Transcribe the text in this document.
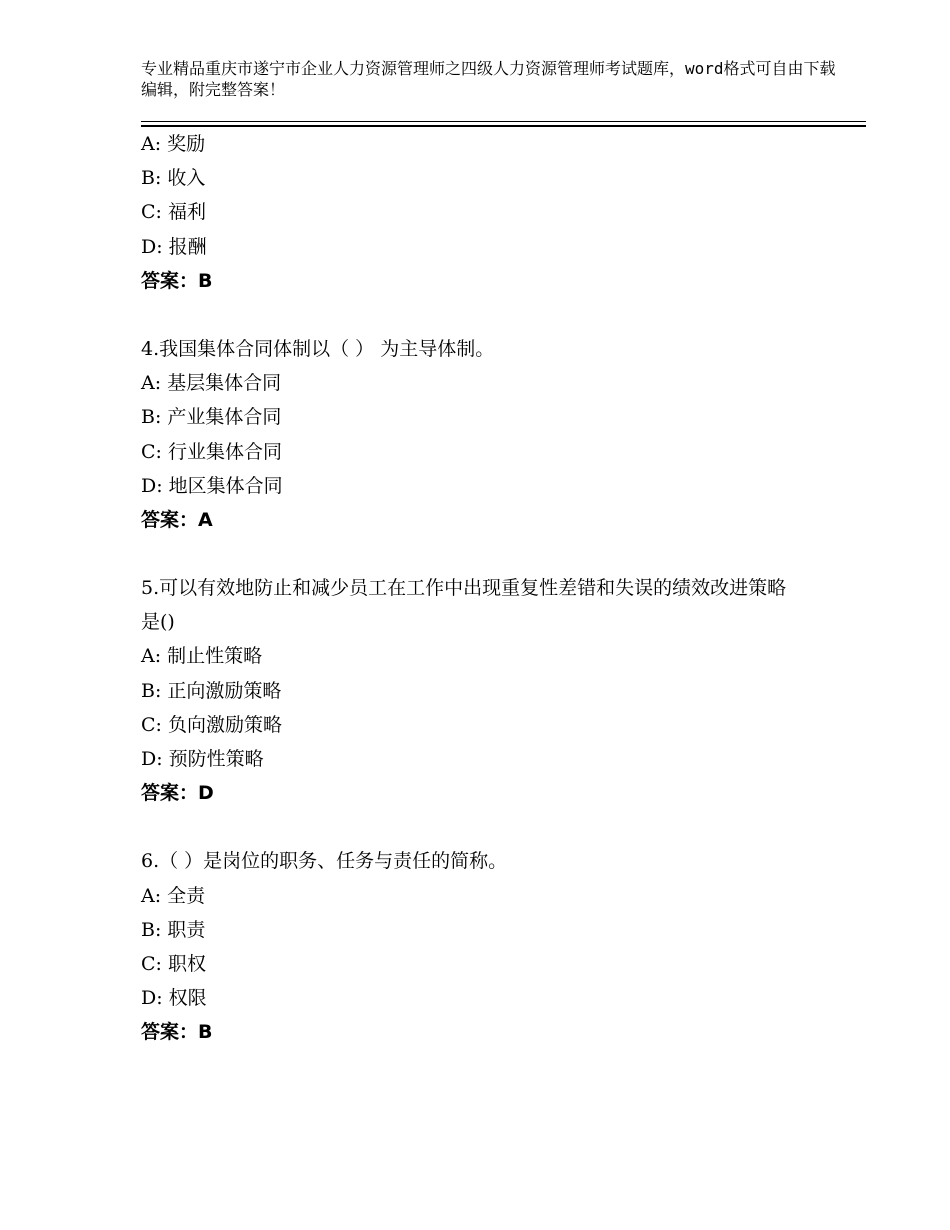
专业精品重庆市遂宁市企业人力资源管理师之四级人力资源管理师考试题库，word格式可自由下载编辑，附完整答案！
A: 奖励
B: 收入
C: 福利
D: 报酬
答案：B
4.我国集体合同体制以（ ） 为主导体制。
A: 基层集体合同
B: 产业集体合同
C: 行业集体合同
D: 地区集体合同
答案：A
5.可以有效地防止和减少员工在工作中出现重复性差错和失误的绩效改进策略是()
A: 制止性策略
B: 正向激励策略
C: 负向激励策略
D: 预防性策略
答案：D
6.（ ）是岗位的职务、任务与责任的简称。
A: 全责
B: 职责
C: 职权
D: 权限
答案：B
